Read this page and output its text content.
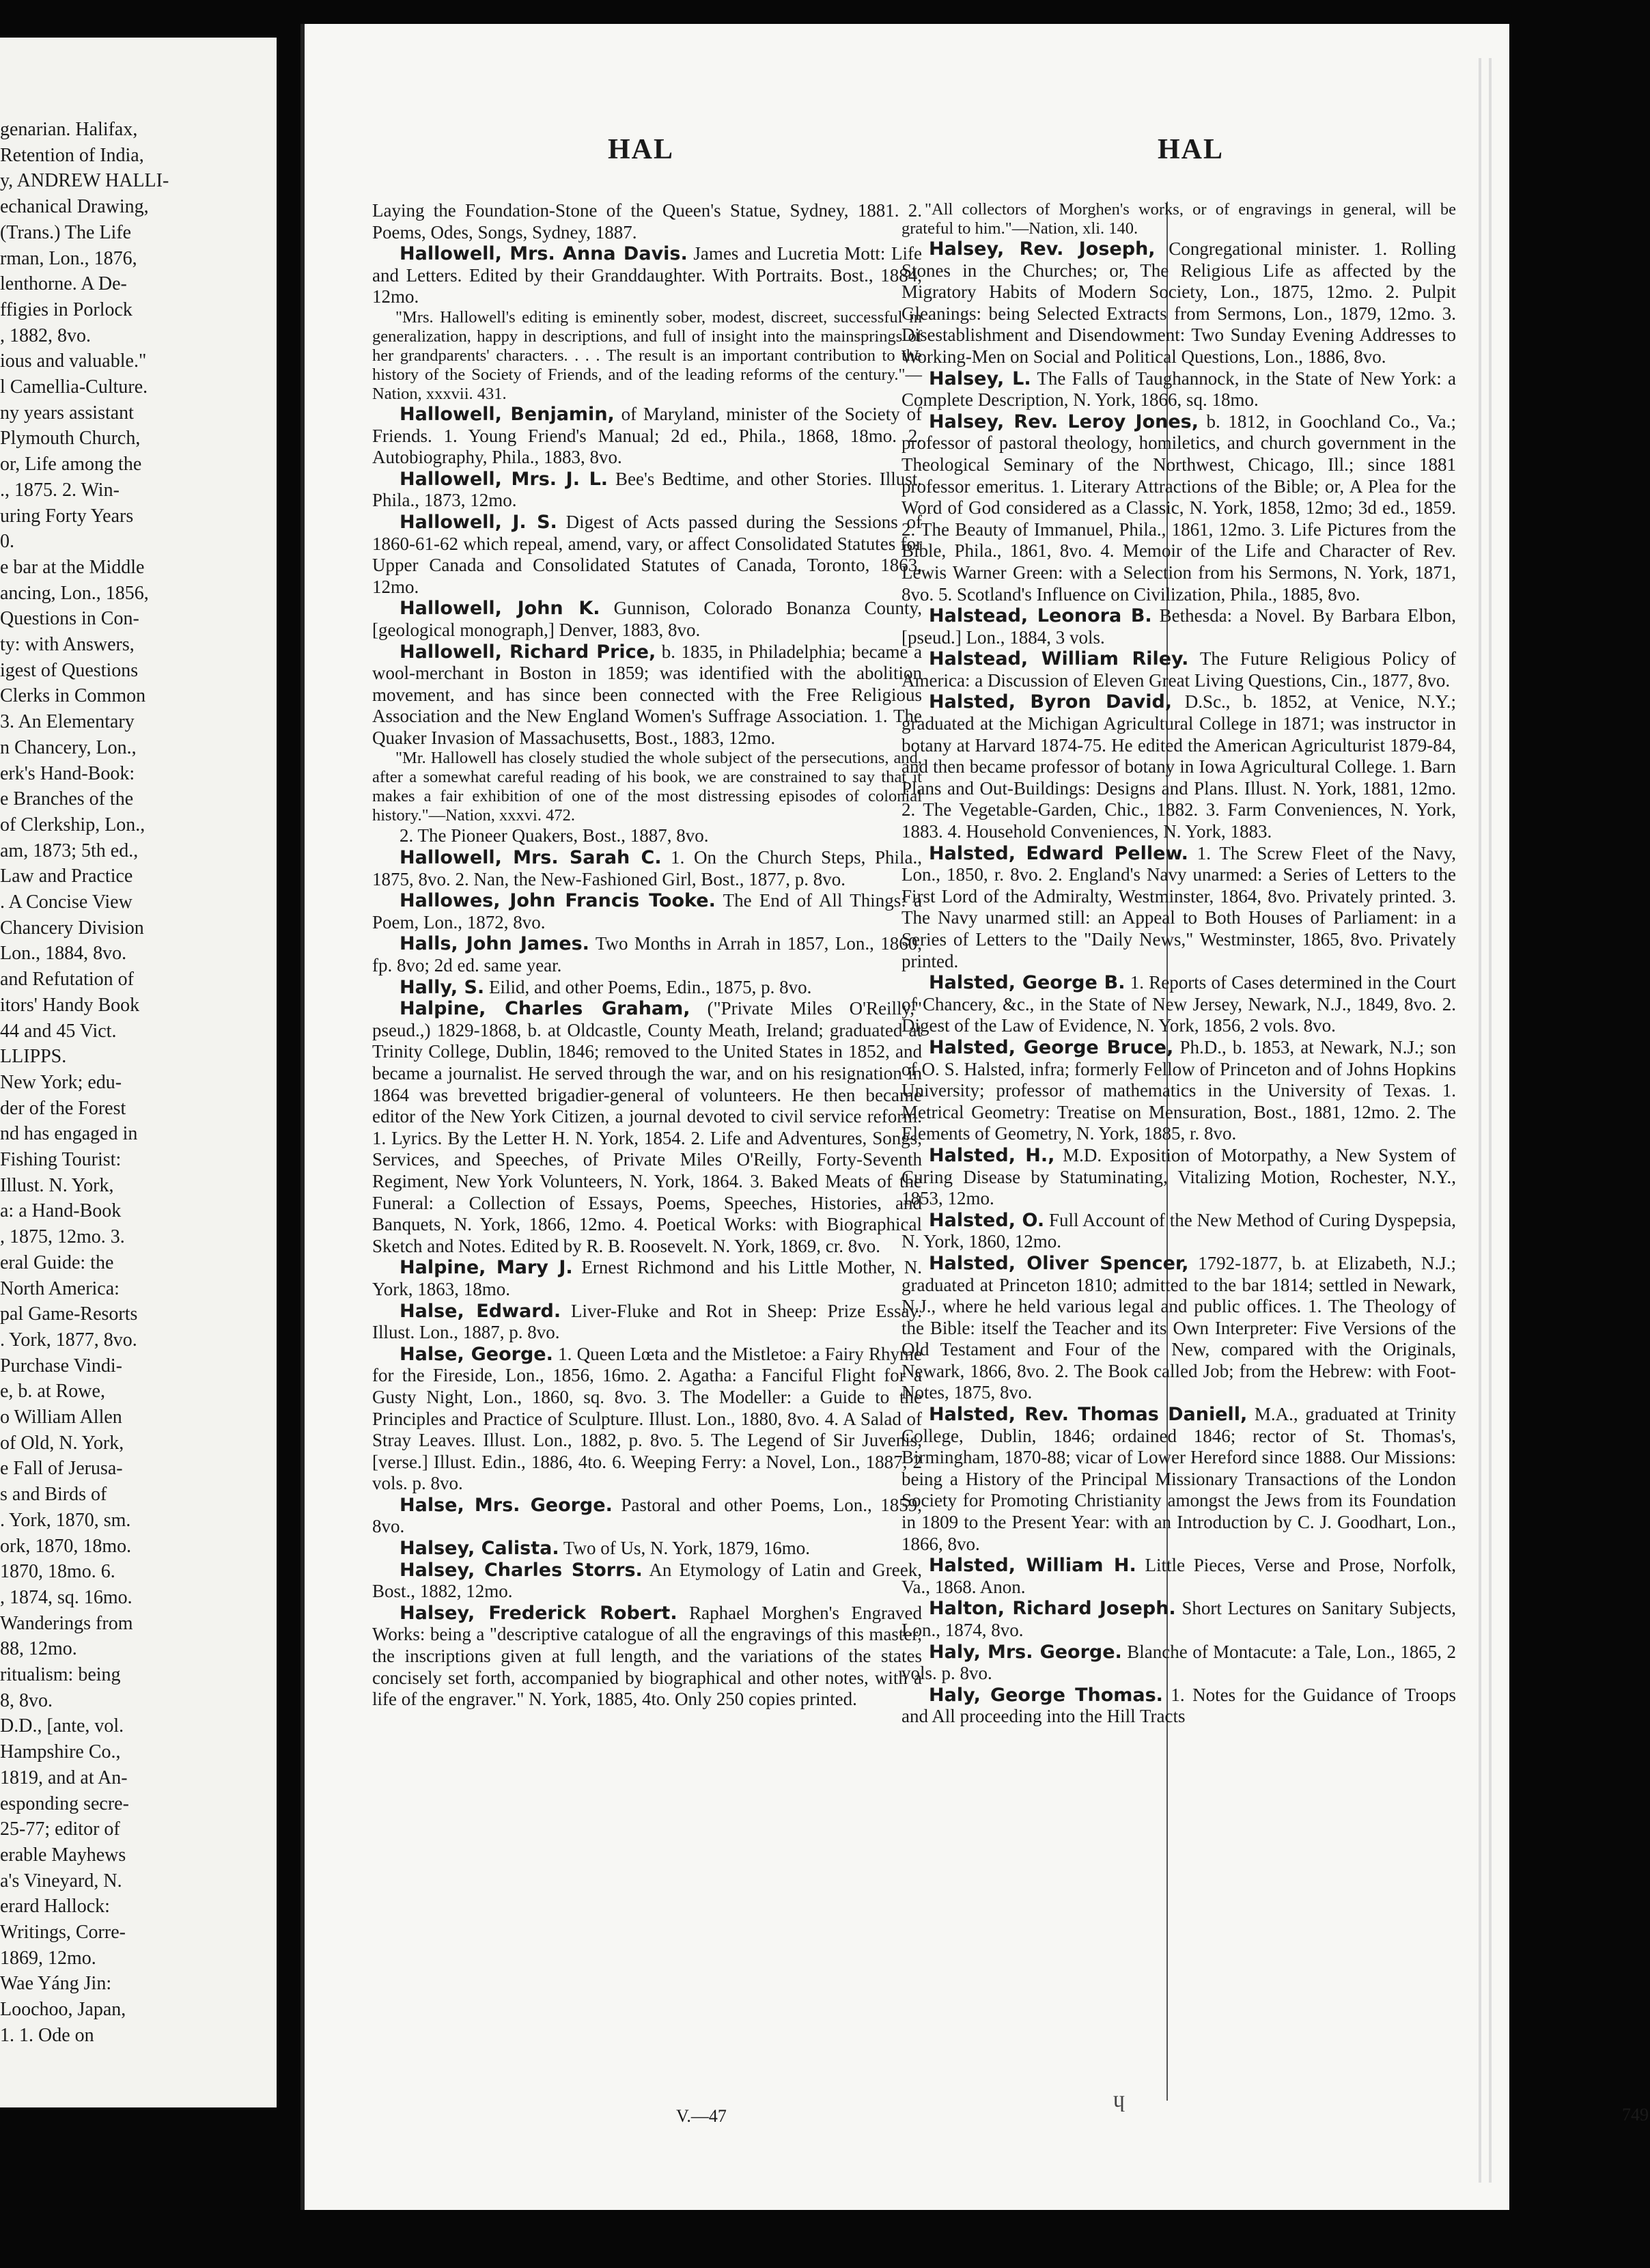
genarian. Halifax,
Retention of India,
y, ANDREW HALLI-
echanical Drawing,
(Trans.) The Life
rman, Lon., 1876,
lenthorne. A De-
ffigies in Porlock
, 1882, 8vo.
ious and valuable."
l Camellia-Culture.
ny years assistant
Plymouth Church,
or, Life among the
., 1875. 2. Win-
uring Forty Years
0.
e bar at the Middle
ancing, Lon., 1856,
Questions in Con-
ty: with Answers,
igest of Questions
Clerks in Common
3. An Elementary
n Chancery, Lon.,
erk's Hand-Book:
e Branches of the
of Clerkship, Lon.,
am, 1873; 5th ed.,
Law and Practice
. A Concise View
Chancery Division
Lon., 1884, 8vo.
and Refutation of
itors' Handy Book
44 and 45 Vict.
LLIPPS.
New York; edu-
der of the Forest
nd has engaged in
Fishing Tourist:
Illust. N. York,
a: a Hand-Book
, 1875, 12mo. 3.
eral Guide: the
North America:
pal Game-Resorts
. York, 1877, 8vo.
Purchase Vindi-
e, b. at Rowe,
o William Allen
of Old, N. York,
e Fall of Jerusa-
s and Birds of
. York, 1870, sm.
ork, 1870, 18mo.
1870, 18mo. 6.
, 1874, sq. 16mo.
Wanderings from
88, 12mo.
ritualism: being
8, 8vo.
D.D., [ante, vol.
Hampshire Co.,
1819, and at An-
esponding secre-
25-77; editor of
erable Mayhews
a's Vineyard, N.
erard Hallock:
Writings, Corre-
1869, 12mo.
Wae Yáng Jin:
Loochoo, Japan,
1. 1. Ode on
HAL	HAL

Laying the Foundation-Stone of the Queen's Statue, Sydney, 1881. 2. Poems, Odes, Songs, Sydney, 1887.

Hallowell, Mrs. Anna Davis. James and Lucretia Mott: Life and Letters. Edited by their Granddaughter. With Portraits. Bost., 1884, 12mo.

"Mrs. Hallowell's editing is eminently sober, modest, discreet, successful in generalization, happy in descriptions, and full of insight into the mainsprings of her grandparents' characters. . . . The result is an important contribution to the history of the Society of Friends, and of the leading reforms of the century."—Nation, xxxvii. 431.

Hallowell, Benjamin, of Maryland, minister of the Society of Friends. 1. Young Friend's Manual; 2d ed., Phila., 1868, 18mo. 2. Autobiography, Phila., 1883, 8vo.

Hallowell, Mrs. J. L. Bee's Bedtime, and other Stories. Illust. Phila., 1873, 12mo.

Hallowell, J. S. Digest of Acts passed during the Sessions of 1860-61-62 which repeal, amend, vary, or affect Consolidated Statutes for Upper Canada and Consolidated Statutes of Canada, Toronto, 1863, 12mo.

Hallowell, John K. Gunnison, Colorado Bonanza County, [geological monograph,] Denver, 1883, 8vo.

Hallowell, Richard Price, b. 1835, in Philadelphia; became a wool-merchant in Boston in 1859; was identified with the abolition movement, and has since been connected with the Free Religious Association and the New England Women's Suffrage Association. 1. The Quaker Invasion of Massachusetts, Bost., 1883, 12mo.

"Mr. Hallowell has closely studied the whole subject of the persecutions, and, after a somewhat careful reading of his book, we are constrained to say that it makes a fair exhibition of one of the most distressing episodes of colonial history."—Nation, xxxvi. 472.

2. The Pioneer Quakers, Bost., 1887, 8vo.

Hallowell, Mrs. Sarah C. 1. On the Church Steps, Phila., 1875, 8vo. 2. Nan, the New-Fashioned Girl, Bost., 1877, p. 8vo.

Hallowes, John Francis Tooke. The End of All Things: a Poem, Lon., 1872, 8vo.

Halls, John James. Two Months in Arrah in 1857, Lon., 1860, fp. 8vo; 2d ed. same year.

Hally, S. Eilid, and other Poems, Edin., 1875, p. 8vo.

Halpine, Charles Graham, ("Private Miles O'Reilly," pseud.,) 1829-1868, b. at Oldcastle, County Meath, Ireland; graduated at Trinity College, Dublin, 1846; removed to the United States in 1852, and became a journalist. He served through the war, and on his resignation in 1864 was brevetted brigadier-general of volunteers. He then became editor of the New York Citizen, a journal devoted to civil service reform. 1. Lyrics. By the Letter H. N. York, 1854. 2. Life and Adventures, Songs, Services, and Speeches, of Private Miles O'Reilly, Forty-Seventh Regiment, New York Volunteers, N. York, 1864. 3. Baked Meats of the Funeral: a Collection of Essays, Poems, Speeches, Histories, and Banquets, N. York, 1866, 12mo. 4. Poetical Works: with Biographical Sketch and Notes. Edited by R. B. Roosevelt. N. York, 1869, cr. 8vo.

Halpine, Mary J. Ernest Richmond and his Little Mother, N. York, 1863, 18mo.

Halse, Edward. Liver-Fluke and Rot in Sheep: Prize Essay. Illust. Lon., 1887, p. 8vo.

Halse, George. 1. Queen Lœta and the Mistletoe: a Fairy Rhyme for the Fireside, Lon., 1856, 16mo. 2. Agatha: a Fanciful Flight for a Gusty Night, Lon., 1860, sq. 8vo. 3. The Modeller: a Guide to the Principles and Practice of Sculpture. Illust. Lon., 1880, 8vo. 4. A Salad of Stray Leaves. Illust. Lon., 1882, p. 8vo. 5. The Legend of Sir Juvenis, [verse.] Illust. Edin., 1886, 4to. 6. Weeping Ferry: a Novel, Lon., 1887, 2 vols. p. 8vo.

Halse, Mrs. George. Pastoral and other Poems, Lon., 1859, 8vo.

Halsey, Calista. Two of Us, N. York, 1879, 16mo.

Halsey, Charles Storrs. An Etymology of Latin and Greek, Bost., 1882, 12mo.

Halsey, Frederick Robert. Raphael Morghen's Engraved Works: being a "descriptive catalogue of all the engravings of this master, the inscriptions given at full length, and the variations of the states concisely set forth, accompanied by biographical and other notes, with a life of the engraver." N. York, 1885, 4to. Only 250 copies printed.

"All collectors of Morghen's works, or of engravings in general, will be grateful to him."—Nation, xli. 140.

Halsey, Rev. Joseph, Congregational minister. 1. Rolling Stones in the Churches; or, The Religious Life as affected by the Migratory Habits of Modern Society, Lon., 1875, 12mo. 2. Pulpit Gleanings: being Selected Extracts from Sermons, Lon., 1879, 12mo. 3. Disestablishment and Disendowment: Two Sunday Evening Addresses to Working-Men on Social and Political Questions, Lon., 1886, 8vo.

Halsey, L. The Falls of Taughannock, in the State of New York: a Complete Description, N. York, 1866, sq. 18mo.

Halsey, Rev. Leroy Jones, b. 1812, in Goochland Co., Va.; professor of pastoral theology, homiletics, and church government in the Theological Seminary of the Northwest, Chicago, Ill.; since 1881 professor emeritus. 1. Literary Attractions of the Bible; or, A Plea for the Word of God considered as a Classic, N. York, 1858, 12mo; 3d ed., 1859. 2. The Beauty of Immanuel, Phila., 1861, 12mo. 3. Life Pictures from the Bible, Phila., 1861, 8vo. 4. Memoir of the Life and Character of Rev. Lewis Warner Green: with a Selection from his Sermons, N. York, 1871, 8vo. 5. Scotland's Influence on Civilization, Phila., 1885, 8vo.

Halstead, Leonora B. Bethesda: a Novel. By Barbara Elbon, [pseud.] Lon., 1884, 3 vols.

Halstead, William Riley. The Future Religious Policy of America: a Discussion of Eleven Great Living Questions, Cin., 1877, 8vo.

Halsted, Byron David, D.Sc., b. 1852, at Venice, N.Y.; graduated at the Michigan Agricultural College in 1871; was instructor in botany at Harvard 1874-75. He edited the American Agriculturist 1879-84, and then became professor of botany in Iowa Agricultural College. 1. Barn Plans and Out-Buildings: Designs and Plans. Illust. N. York, 1881, 12mo. 2. The Vegetable-Garden, Chic., 1882. 3. Farm Conveniences, N. York, 1883. 4. Household Conveniences, N. York, 1883.

Halsted, Edward Pellew. 1. The Screw Fleet of the Navy, Lon., 1850, r. 8vo. 2. England's Navy unarmed: a Series of Letters to the First Lord of the Admiralty, Westminster, 1864, 8vo. Privately printed. 3. The Navy unarmed still: an Appeal to Both Houses of Parliament: in a Series of Letters to the "Daily News," Westminster, 1865, 8vo. Privately printed.

Halsted, George B. 1. Reports of Cases determined in the Court of Chancery, &c., in the State of New Jersey, Newark, N.J., 1849, 8vo. 2. Digest of the Law of Evidence, N. York, 1856, 2 vols. 8vo.

Halsted, George Bruce, Ph.D., b. 1853, at Newark, N.J.; son of O. S. Halsted, infra; formerly Fellow of Princeton and of Johns Hopkins University; professor of mathematics in the University of Texas. 1. Metrical Geometry: Treatise on Mensuration, Bost., 1881, 12mo. 2. The Elements of Geometry, N. York, 1885, r. 8vo.

Halsted, H., M.D. Exposition of Motorpathy, a New System of Curing Disease by Statuminating, Vitalizing Motion, Rochester, N.Y., 1853, 12mo.

Halsted, O. Full Account of the New Method of Curing Dyspepsia, N. York, 1860, 12mo.

Halsted, Oliver Spencer, 1792-1877, b. at Elizabeth, N.J.; graduated at Princeton 1810; admitted to the bar 1814; settled in Newark, N.J., where he held various legal and public offices. 1. The Theology of the Bible: itself the Teacher and its Own Interpreter: Five Versions of the Old Testament and Four of the New, compared with the Originals, Newark, 1866, 8vo. 2. The Book called Job; from the Hebrew: with Foot-Notes, 1875, 8vo.

Halsted, Rev. Thomas Daniell, M.A., graduated at Trinity College, Dublin, 1846; ordained 1846; rector of St. Thomas's, Birmingham, 1870-88; vicar of Lower Hereford since 1888. Our Missions: being a History of the Principal Missionary Transactions of the London Society for Promoting Christianity amongst the Jews from its Foundation in 1809 to the Present Year: with an Introduction by C. J. Goodhart, Lon., 1866, 8vo.

Halsted, William H. Little Pieces, Verse and Prose, Norfolk, Va., 1868. Anon.

Halton, Richard Joseph. Short Lectures on Sanitary Subjects, Lon., 1874, 8vo.

Haly, Mrs. George. Blanche of Montacute: a Tale, Lon., 1865, 2 vols. p. 8vo.

Haly, George Thomas. 1. Notes for the Guidance of Troops and All proceeding into the Hill Tracts

V.—47
ɥ
749
